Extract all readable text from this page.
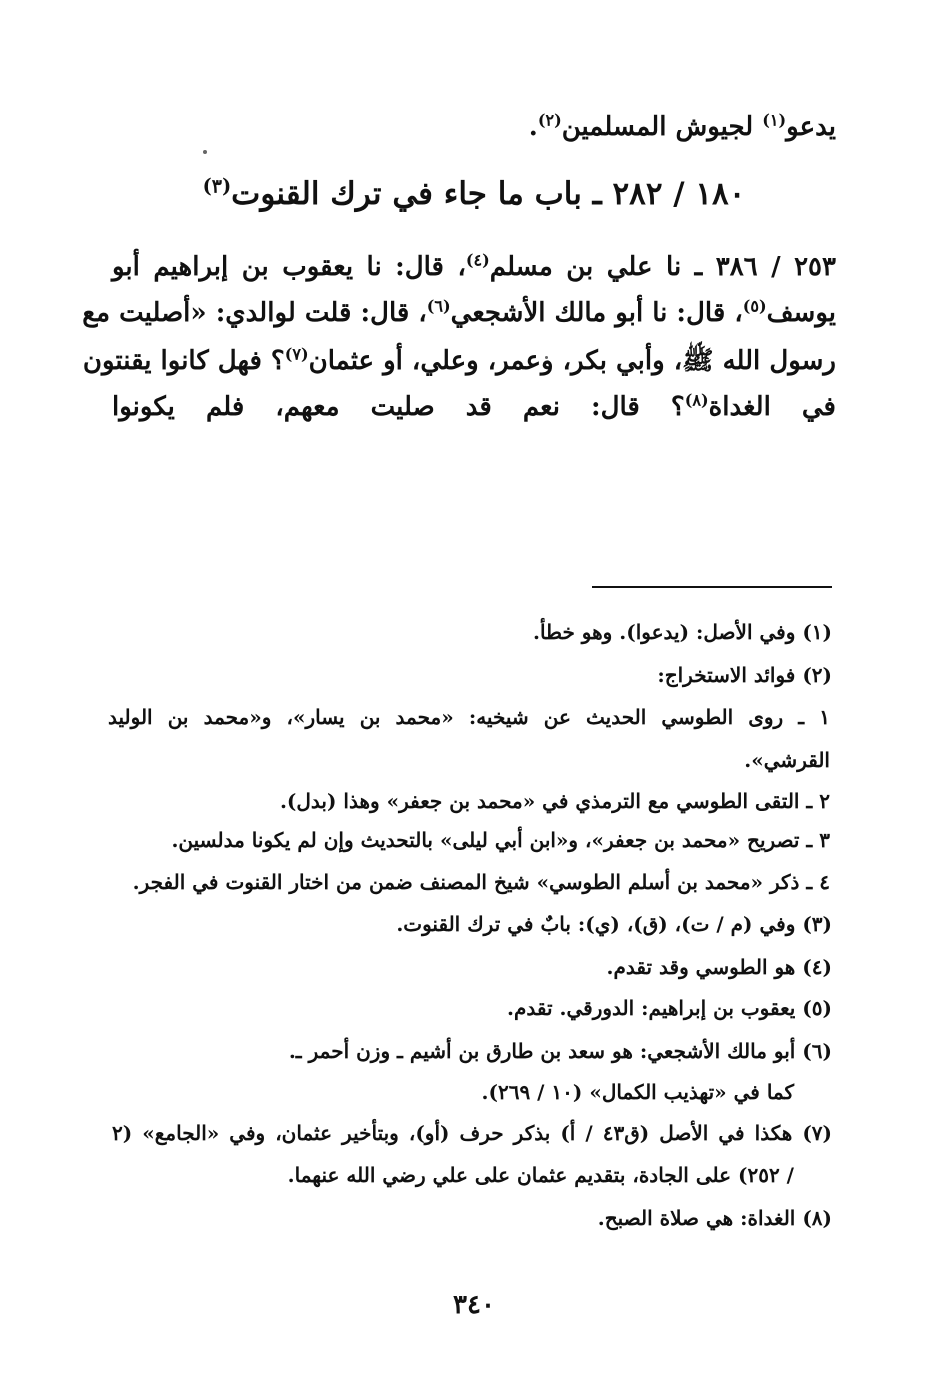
يدعو$^{(١)}$ لجيوش المسلمين$^{(٢)}$.
١٨٠ / ٢٨٢ ـ باب ما جاء في ترك القنوت$^{(٣)}$
٢٥٣ / ٣٨٦ ـ نا علي بن مسلم$^{(٤)}$، قال: نا يعقوب بن إبراهيم أبو
يوسف$^{(٥)}$، قال: نا أبو مالك الأشجعي$^{(٦)}$، قال: قلت لوالدي: «أصليت مع
رسول الله ﷺ، وأبي بكر، وعمر، وعلي، أو عثمان$^{(٧)}$؟ فهل كانوا يقنتون
في الغداة$^{(٨)}$؟ قال: نعم قد صليت معهم، فلم يكونوا
(١) وفي الأصل: (يدعوا). وهو خطأ.
(٢) فوائد الاستخراج:
١ ـ روى الطوسي الحديث عن شيخيه: «محمد بن يسار»، و«محمد بن الوليد
القرشي».
٢ ـ التقى الطوسي مع الترمذي في «محمد بن جعفر» وهذا (بدل).
٣ ـ تصريح «محمد بن جعفر»، و«ابن أبي ليلى» بالتحديث وإن لم يكونا مدلسين.
٤ ـ ذكر «محمد بن أسلم الطوسي» شيخ المصنف ضمن من اختار القنوت في الفجر.
(٣) وفي (م / ت)، (ق)، (ي): بابٌ في ترك القنوت.
(٤) هو الطوسي وقد تقدم.
(٥) يعقوب بن إبراهيم: الدورقي. تقدم.
(٦) أبو مالك الأشجعي: هو سعد بن طارق بن أشيم ـ وزن أحمر ـ.
كما في «تهذيب الكمال» (١٠ / ٢٦٩).
(٧) هكذا في الأصل (ق٤٣ / أ) بذكر حرف (أو)، وبتأخير عثمان، وفي «الجامع» (٢
/ ٢٥٢) على الجادة، بتقديم عثمان على علي رضي الله عنهما.
(٨) الغداة: هي صلاة الصبح.
٣٤٠
